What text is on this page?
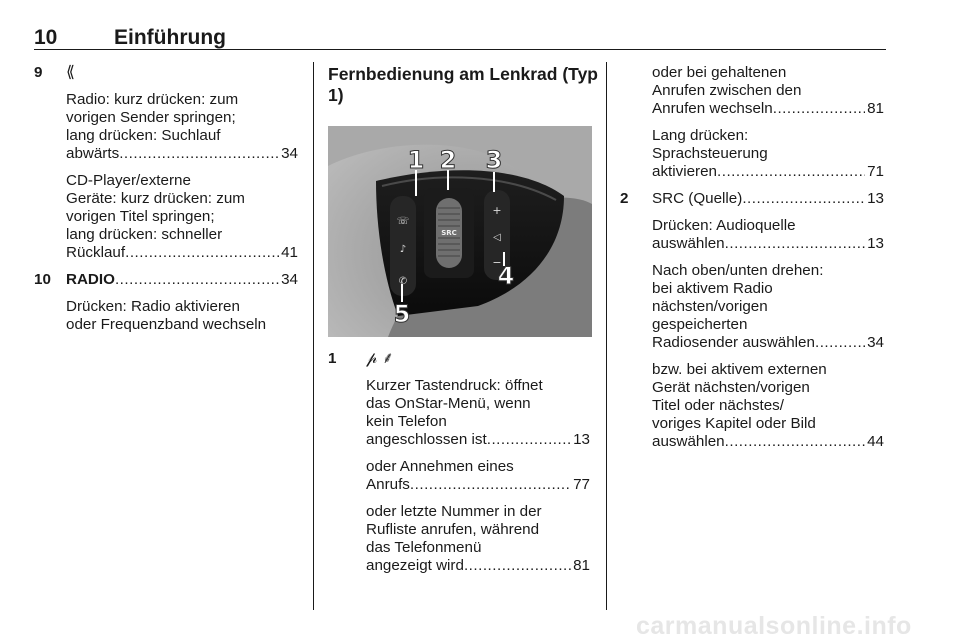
10	Einführung
9 ⟪
Radio: kurz drücken: zum
vorigen Sender springen;
lang drücken: Suchlauf
abwärts .....	34
CD-Player/externe
Geräte: kurz drücken: zum
vorigen Titel springen;
lang drücken: schneller
Rücklauf .....	41
10 RADIO .....	34
Drücken: Radio aktivieren
oder Frequenzband wechseln
Fernbedienung am Lenkrad (Typ
1)
☏
♪
✆
SRC
+
◁
−
1 2 3
4
5
1 𝓅 ⸙
Kurzer Tastendruck: öffnet
das OnStar-Menü, wenn
kein Telefon
angeschlossen ist .....	13
oder Annehmen eines
Anrufs .....	77
oder letzte Nummer in der
Rufliste anrufen, während
das Telefonmenü
angezeigt wird .....	81
oder bei gehaltenen
Anrufen zwischen den
Anrufen wechseln .....	81
Lang drücken:
Sprachsteuerung
aktivieren .....	71
2 SRC (Quelle) .....	13
Drücken: Audioquelle
auswählen .....	13
Nach oben/unten drehen:
bei aktivem Radio
nächsten/vorigen
gespeicherten
Radiosender auswählen .....	34
bzw. bei aktivem externen
Gerät nächsten/vorigen
Titel oder nächstes/
voriges Kapitel oder Bild
auswählen .....	44
carmanualsonline.info
